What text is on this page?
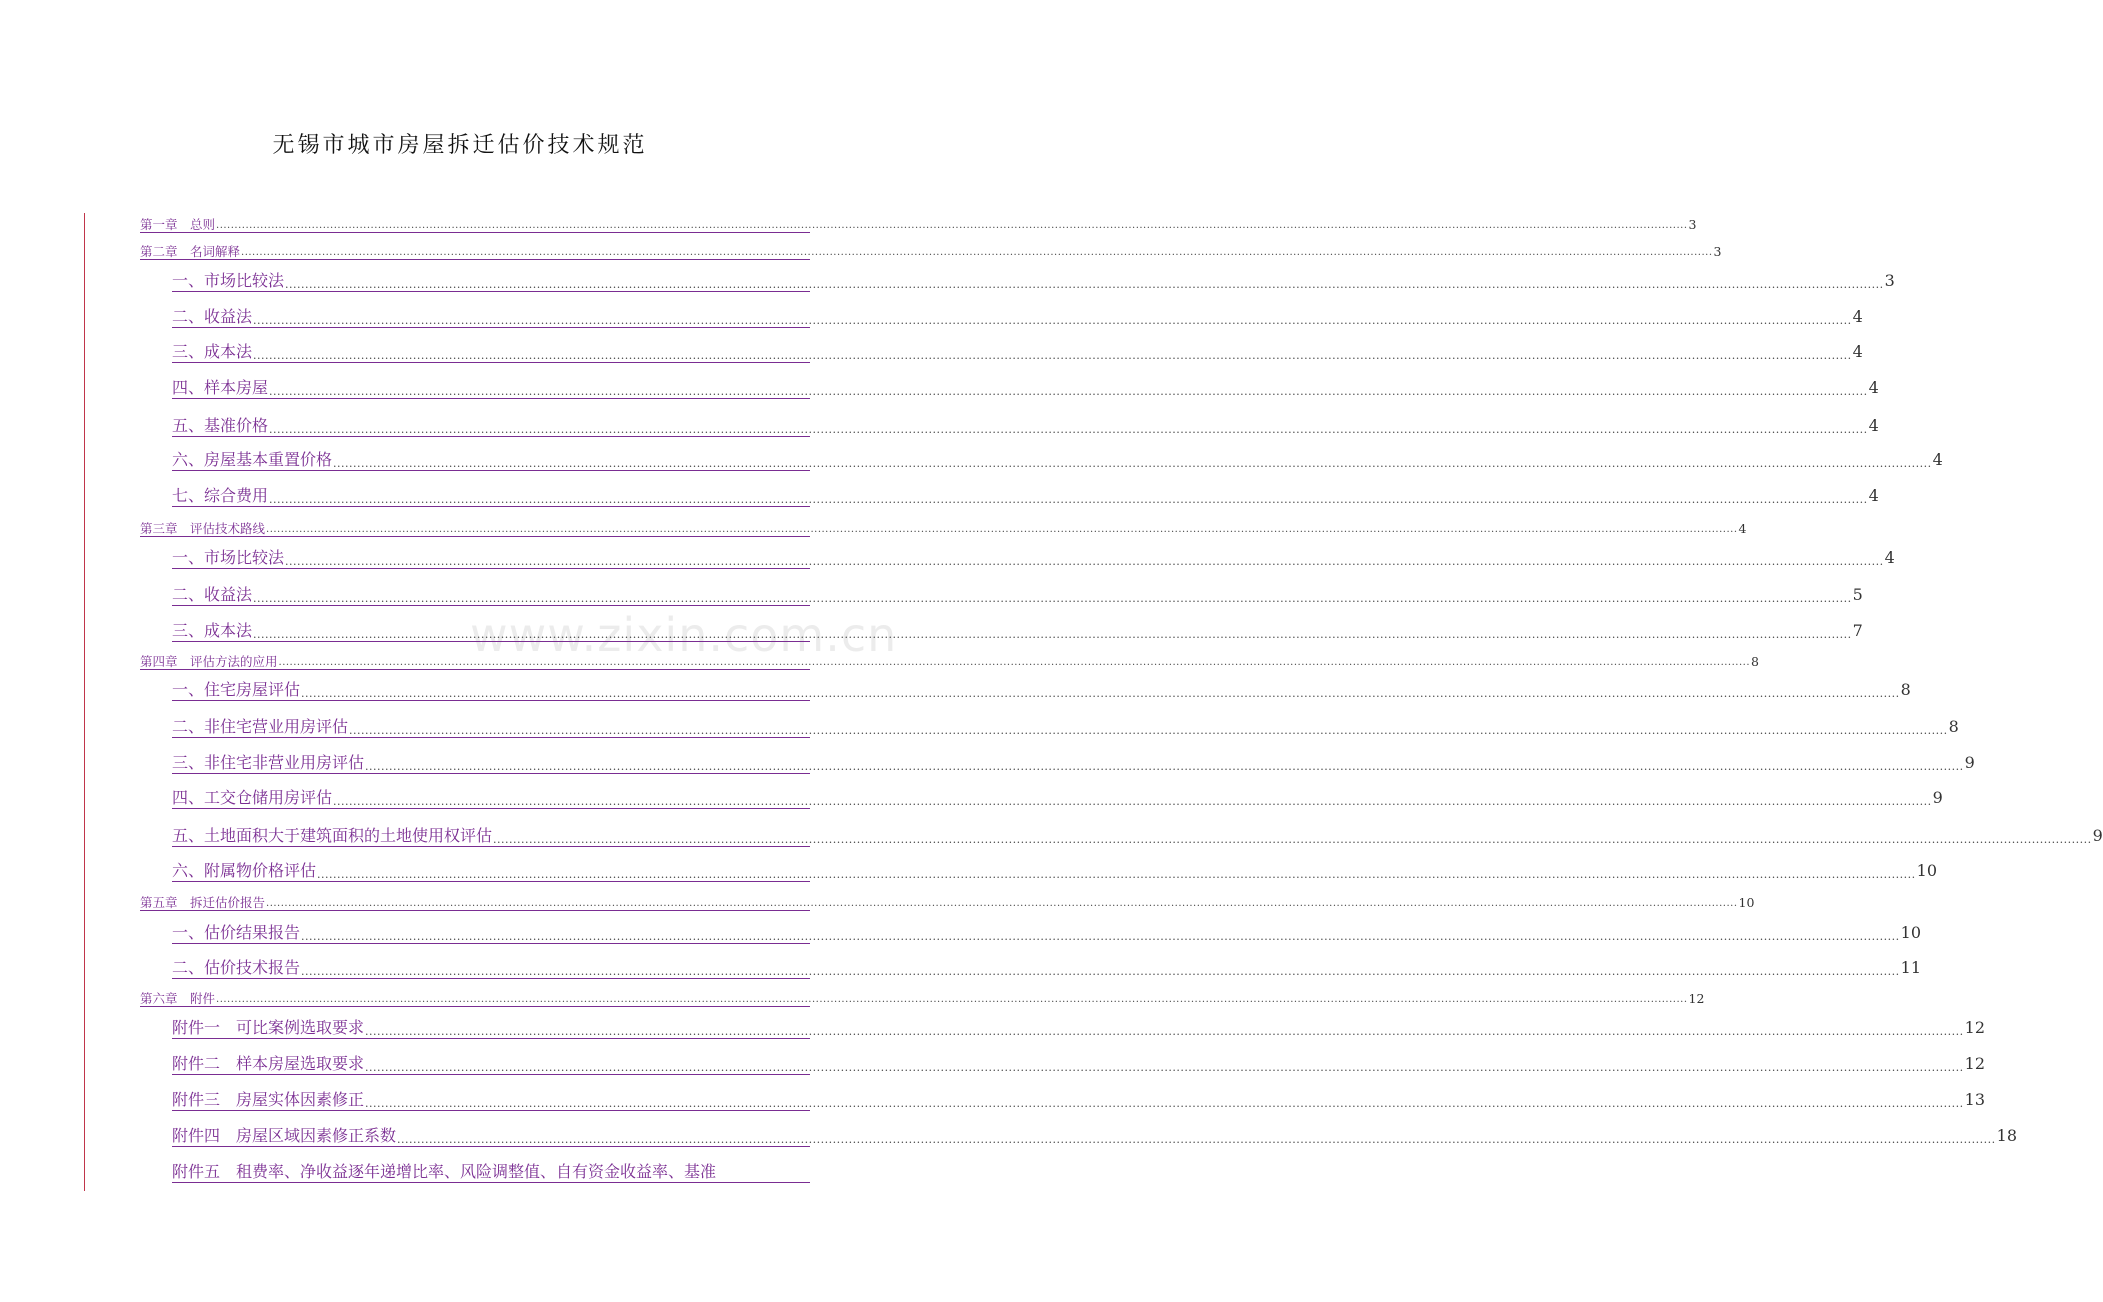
无锡市城市房屋拆迁估价技术规范
www.zixin.com.cn
第一章　总则 ................................................................................................................................................................................................................................................................................................................................................................................................................ 3
第二章　名词解释 ................................................................................................................................................................................................................................................................................................................................................................................................................ 3
一、市场比较法 ................................................................................................................................................................................................................................................................................................................................................................................................................ 3
二、收益法 ................................................................................................................................................................................................................................................................................................................................................................................................................ 4
三、成本法 ................................................................................................................................................................................................................................................................................................................................................................................................................ 4
四、样本房屋 ................................................................................................................................................................................................................................................................................................................................................................................................................ 4
五、基准价格 ................................................................................................................................................................................................................................................................................................................................................................................................................ 4
六、房屋基本重置价格 ................................................................................................................................................................................................................................................................................................................................................................................................................ 4
七、综合费用 ................................................................................................................................................................................................................................................................................................................................................................................................................ 4
第三章　评估技术路线 ................................................................................................................................................................................................................................................................................................................................................................................................................ 4
一、市场比较法 ................................................................................................................................................................................................................................................................................................................................................................................................................ 4
二、收益法 ................................................................................................................................................................................................................................................................................................................................................................................................................ 5
三、成本法 ................................................................................................................................................................................................................................................................................................................................................................................................................ 7
第四章　评估方法的应用 ................................................................................................................................................................................................................................................................................................................................................................................................................ 8
一、住宅房屋评估 ................................................................................................................................................................................................................................................................................................................................................................................................................ 8
二、非住宅营业用房评估 ................................................................................................................................................................................................................................................................................................................................................................................................................ 8
三、非住宅非营业用房评估 ................................................................................................................................................................................................................................................................................................................................................................................................................ 9
四、工交仓储用房评估 ................................................................................................................................................................................................................................................................................................................................................................................................................ 9
五、土地面积大于建筑面积的土地使用权评估 ................................................................................................................................................................................................................................................................................................................................................................................................................ 9
六、附属物价格评估 ................................................................................................................................................................................................................................................................................................................................................................................................................ 10
第五章　拆迁估价报告 ................................................................................................................................................................................................................................................................................................................................................................................................................ 10
一、估价结果报告 ................................................................................................................................................................................................................................................................................................................................................................................................................ 10
二、估价技术报告 ................................................................................................................................................................................................................................................................................................................................................................................................................ 11
第六章　附件 ................................................................................................................................................................................................................................................................................................................................................................................................................ 12
附件一　可比案例选取要求 ................................................................................................................................................................................................................................................................................................................................................................................................................ 12
附件二　样本房屋选取要求 ................................................................................................................................................................................................................................................................................................................................................................................................................ 12
附件三　房屋实体因素修正 ................................................................................................................................................................................................................................................................................................................................................................................................................ 13
附件四　房屋区域因素修正系数 ................................................................................................................................................................................................................................................................................................................................................................................................................ 18
附件五　租费率、净收益逐年递增比率、风险调整值、自有资金收益率、基准
